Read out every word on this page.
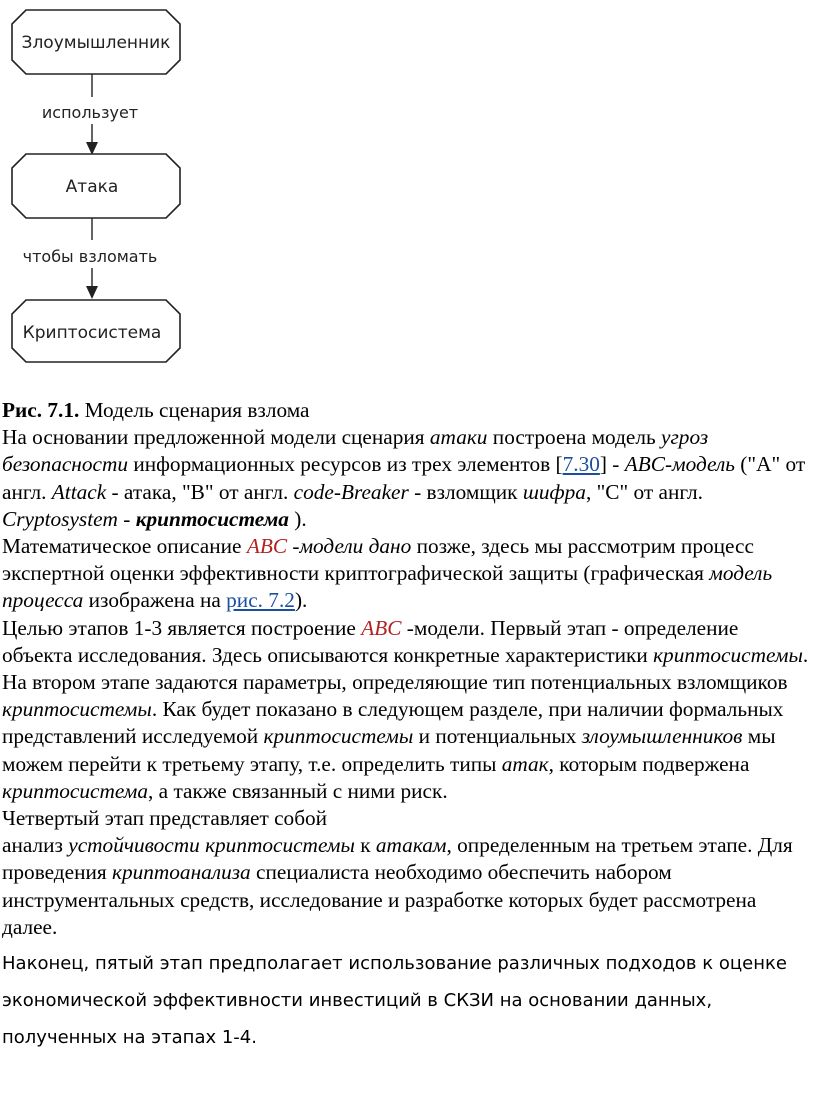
Злоумышленник
использует
Атака
чтобы взломать
Криптосистема

Рис. 7.1. Модель сценария взлома

На основании предложенной модели сценария атаки построена модель угроз безопасности информационных ресурсов из трех элементов [7.30] - ABC-модель ("A" от англ. Attack - атака, "B" от англ. code-Breaker - взломщик шифра, "C" от англ. Cryptosystem - криптосистема ).

Математическое описание ABC -модели дано позже, здесь мы рассмотрим процесс экспертной оценки эффективности криптографической защиты (графическая модель процесса изображена на рис. 7.2).

Целью этапов 1-3 является построение ABC -модели. Первый этап - определение объекта исследования. Здесь описываются конкретные характеристики криптосистемы. На втором этапе задаются параметры, определяющие тип потенциальных взломщиков криптосистемы. Как будет показано в следующем разделе, при наличии формальных представлений исследуемой криптосистемы и потенциальных злоумышленников мы можем перейти к третьему этапу, т.е. определить типы атак, которым подвержена криптосистема, а также связанный с ними риск.

Четвертый этап представляет собой

анализ устойчивости криптосистемы к атакам, определенным на третьем этапе. Для проведения криптоанализа специалиста необходимо обеспечить набором инструментальных средств, исследование и разработке которых будет рассмотрена далее.

Наконец, пятый этап предполагает использование различных подходов к оценке экономической эффективности инвестиций в СКЗИ на основании данных, полученных на этапах 1-4.
